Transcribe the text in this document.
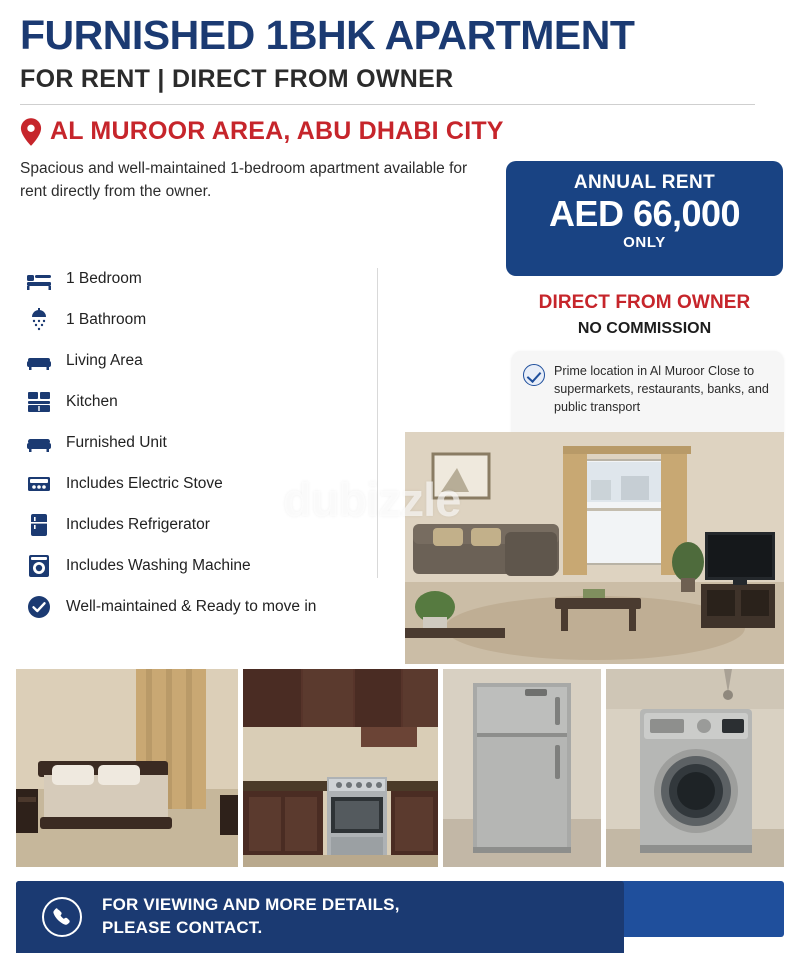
FURNISHED 1BHK APARTMENT
FOR RENT | DIRECT FROM OWNER
AL MUROOR AREA, ABU DHABI CITY
Spacious and well-maintained 1-bedroom apartment available for rent directly from the owner.
1 Bedroom
1 Bathroom
Living Area
Kitchen
Furnished Unit
Includes Electric Stove
Includes Refrigerator
Includes Washing Machine
Well-maintained & Ready to move in
ANNUAL RENT
AED 66,000
ONLY
DIRECT FROM OWNER
NO COMMISSION
Prime location in Al Muroor Close to supermarkets, restaurants, banks, and public transport
dubizzle
FOR VIEWING AND MORE DETAILS,
PLEASE CONTACT.
